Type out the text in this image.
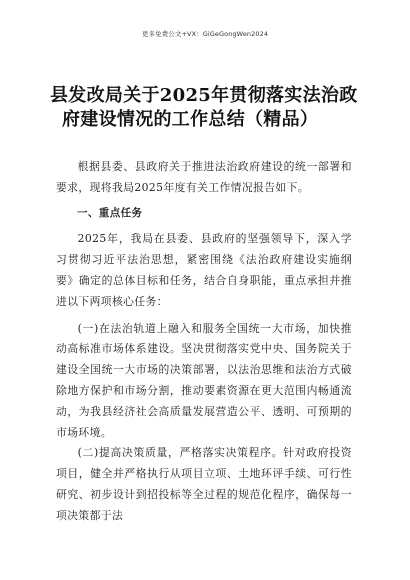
更多免费公文+VX：GiGeGongWen2024
县发改局关于2025年贯彻落实法治政
府建设情况的工作总结（精品）

根据县委、县政府关于推进法治政府建设的统一部署和要求，现将我局2025年度有关工作情况报告如下。

一、重点任务

2025年，我局在县委、县政府的坚强领导下，深入学习贯彻习近平法治思想，紧密围绕《法治政府建设实施纲要》确定的总体目标和任务，结合自身职能，重点承担并推进以下两项核心任务：

(一)在法治轨道上融入和服务全国统一大市场，加快推动高标准市场体系建设。坚决贯彻落实党中央、国务院关于建设全国统一大市场的决策部署，以法治思维和法治方式破除地方保护和市场分割，推动要素资源在更大范围内畅通流动，为我县经济社会高质量发展营造公平、透明、可预期的市场环境。

(二)提高决策质量，严格落实决策程序。针对政府投资项目，健全并严格执行从项目立项、土地环评手续、可行性研究、初步设计到招投标等全过程的规范化程序，确保每一项决策都于法
